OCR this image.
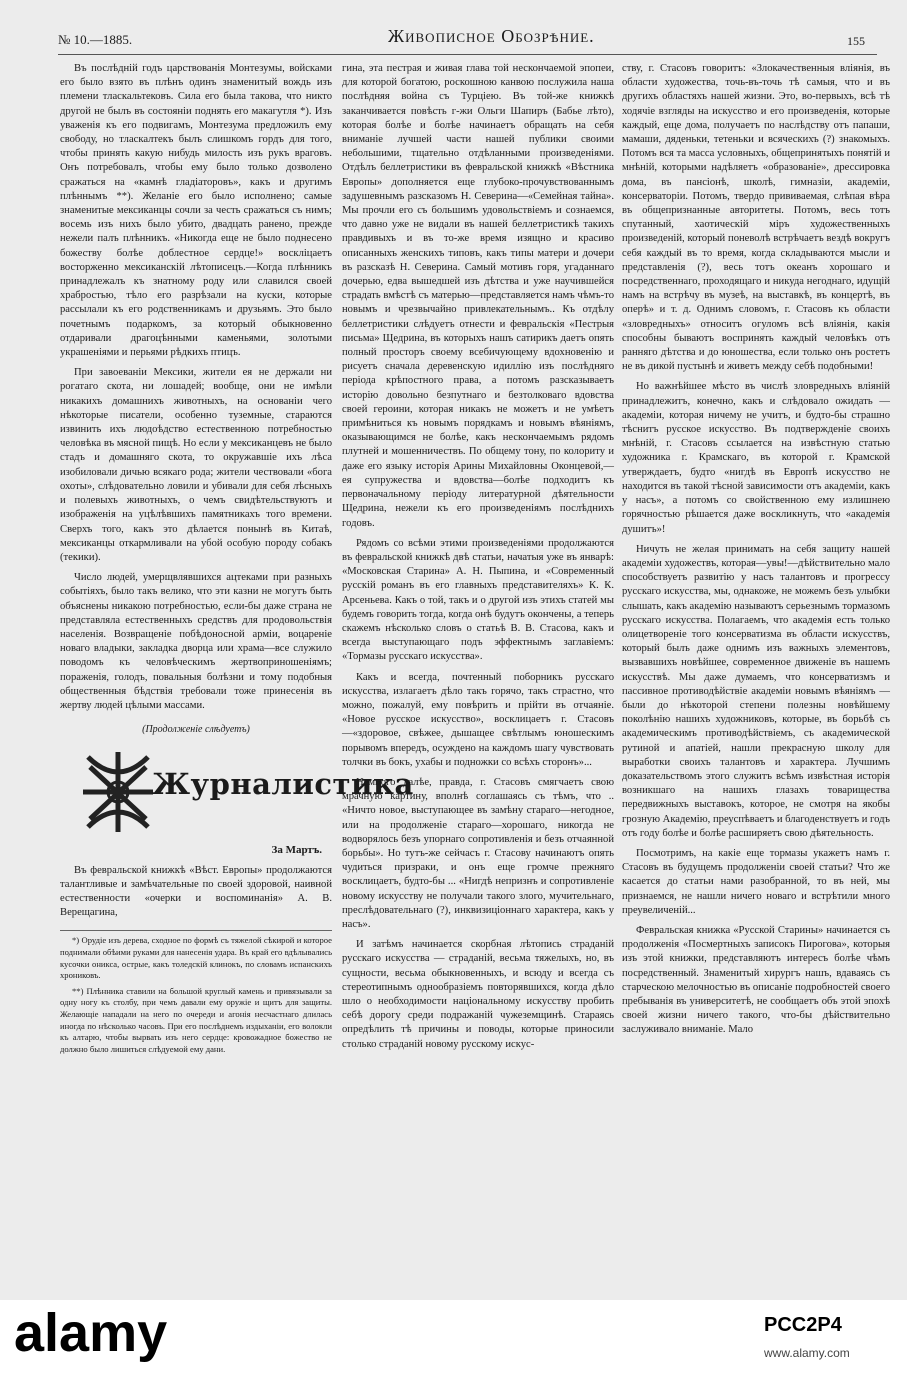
№ 10.—1885.	Живописное Обозрѣние.	155

Въ послѣдній годъ царствованія Монтезумы, войсками его было взято въ плѣнъ одинъ знаменитый вождь изъ племени тласкальтековъ. Сила его была такова, что никто другой не былъ въ состояніи поднять его макагутля *). Изъ уваженія къ его подвигамъ, Монтезума предложилъ ему свободу, но тласкалтекъ былъ слишкомъ гордъ для того, чтобы принять какую нибудь милость изъ рукъ враговъ. Онъ потребовалъ, чтобы ему было только дозволено сражаться на «камнѣ гладіаторовъ», какъ и другимъ плѣннымъ **). Желаніе его было исполнено; самые знаменитые мексиканцы сочли за честь сражаться съ нимъ; восемь изъ нихъ было убито, двадцать ранено, прежде нежели палъ плѣнникъ. «Никогда еще не было поднесено божеству болѣе доблестное сердце!» воскліцаетъ восторженно мексиканскій лѣтописецъ.—Когда плѣнникъ принадлежалъ къ знатному роду или славился своей храбростью, тѣло его разрѣзали на куски, которые рассылали къ его родственникамъ и друзьямъ. Это было почетнымъ подаркомъ, за который обыкновенно отдаривали драгоцѣнными каменьями, золотыми украшеніями и перьями рѣдкихъ птицъ.

При завоеваніи Мексики, жители ея не держали ни рогатаго скота, ни лошадей; вообще, они не имѣли никакихъ домашнихъ животныхъ, на основаніи чего нѣкоторые писатели, особенно туземные, стараются извинить ихъ людоѣдство естественною потребностью человѣка въ мясной пищѣ. Но если у мексиканцевъ не было стадъ и домашняго скота, то окружавшіе ихъ лѣса изобиловали дичью всякаго рода; жители чествовали «бога охоты», слѣдовательно ловили и убивали для себя лѣсныхъ и полевыхъ животныхъ, о чемъ свидѣтельствуютъ и изображенія на уцѣлѣвшихъ памятникахъ того времени. Сверхъ того, какъ это дѣлается понынѣ въ Китаѣ, мексиканцы откармливали на убой особую породу собакъ (текики).

Число людей, умерщвлявшихся ацтеками при разныхъ событіяхъ, было такъ велико, что эти казни не могутъ быть объяснены никакою потребностью, если-бы даже страна не представляла естественныхъ средствъ для продовольствія населенія. Возвращеніе побѣдоносной арміи, воцареніе новаго владыки, закладка дворца или храма—все служило поводомъ къ человѣческимъ жертвоприношеніямъ; пораженія, голодъ, повальныя болѣзни и тому подобныя общественныя бѣдствія требовали тоже принесенія въ жертву людей цѣлыми массами.

(Продолженіе слѣдуетъ)
Журналистика
За Мартъ.

Въ февральской книжкѣ «Вѣст. Европы» продолжаются талантливые и замѣчательные по своей здоровой, наивной естественности «очерки и воспоминанія» А. В. Верещагина,

*) Орудіе изъ дерева, сходное по формѣ съ тяжелой сѣкирой и которое поднимали обѣими руками для нанесенія удара. Въ край его вдѣлывались кусочки ониксa, острые, какъ толедскій клинокъ, по словамъ испанскихъ хрониковъ.

**) Плѣнника ставили на большой круглый камень и привязывали за одну ногу къ столбу, при чемъ давали ему оружіе и щитъ для защиты. Желающіе нападали на него по очереди и агонія несчастнаго длилась иногда по нѣсколько часовъ. При его послѣднемъ издыханіи, его волокли къ алтарю, чтобы вырвать изъ него сердце: кровожадное божество не должно было лишиться слѣдуемой ему дани.

гина, эта пестрая и живая глава той нескончаемой эпопеи, для которой богатою, роскошною канвою послужила наша послѣдняя война съ Турціею. Въ той-же книжкѣ заканчивается повѣсть г-жи Ольги Шапиръ (Бабье лѣто), которая болѣе и болѣе начинаетъ обращать на себя вниманіе лучшей части нашей публики своими небольшими, тщательно отдѣланными произведеніями. Отдѣлъ беллетристики въ февральской книжкѣ «Вѣстника Европы» дополняется еще глубоко-прочувствованнымъ задушевнымъ разсказомъ Н. Северина—«Семейная тайна». Мы прочли его съ большимъ удовольствіемъ и сознаемся, что давно уже не видали въ нашей беллетристикѣ такихъ правдивыхъ и въ то-же время изящно и красиво описанныхъ женскихъ типовъ, какъ типы матери и дочери въ разсказѣ Н. Северина. Самый мотивъ горя, угаданнаго дочерью, едва вышедшей изъ дѣтства и уже научившейся страдать вмѣстѣ съ матерью—представляется намъ чѣмъ-то новымъ и чрезвычайно привлекательнымъ.. Къ отдѣлу беллетристики слѣдуетъ отнести и февральскія «Пестрыя письма» Щедрина, въ которыхъ нашъ сатирикъ даетъ опять полный просторъ своему всебичующему вдохновенію и рисуетъ сначала деревенскую идиллію изъ послѣдняго періода крѣпостного права, а потомъ разсказываетъ исторію довольно безпутнаго и безтолковаго вдовства своей героини, которая никакъ не можетъ и не умѣетъ примѣниться къ новымъ порядкамъ и новымъ вѣяніямъ, оказывающимся не болѣе, какъ нескончаемымъ рядомъ плутней и мошенничествъ. По общему тону, по колориту и даже его языку исторія Арины Михайловны Оконцевой,—ея супружества и вдовства—болѣе подходитъ къ первоначальному періоду литературной дѣятельности Щедрина, нежели къ его произведеніямъ послѣднихъ годовъ.

Рядомъ со всѣми этими произведеніями продолжаются въ февральской книжкѣ двѣ статьи, начатыя уже въ январѣ: «Московская Старина» А. Н. Пыпина, и «Современный русскій романъ въ его главныхъ представителяхъ» К. К. Арсеньева. Какъ о той, такъ и о другой изъ этихъ статей мы будемъ говорить тогда, когда онѣ будутъ окончены, а теперь скажемъ нѣсколько словъ о статьѣ В. В. Стасова, какъ и всегда выступающаго подъ эффектнымъ заглавіемъ: «Тормазы русскаго искусства».

Какъ и всегда, почтенный поборникъ русскаго искусства, излагаетъ дѣло такъ горячо, такъ страстно, что можно, пожалуй, ему повѣрить и прійти въ отчаяніе. «Новое русское искусство», восклицаетъ г. Стасовъ—«здоровое, свѣжее, дышащее свѣтлымъ юношескимъ порывомъ впередъ, осуждено на каждомъ шагу чувствовать толчки въ бокъ, ухабы и подножки со всѣхъ сторонъ»...

Немного далѣе, правда, г. Стасовъ смягчаетъ свою мрачную картину, вполнѣ соглашаясь съ тѣмъ, что .. «Ничто новое, выступающее въ замѣну стараго—негодное, или на продолженіе стараго—хорошаго, никогда не водворялось безъ упорнаго сопротивленія и безъ отчаянной борьбы». Но тутъ-же сейчасъ г. Стасову начинаютъ опять чудиться призраки, и онъ еще громче прежняго восклицаетъ, будто-бы ... «Нигдѣ непризнъ и сопротивленіе новому искусству не получали такого злого, мучительнаго, преслѣдовательнаго (?), инквизиціоннаго характера, какъ у насъ».

И затѣмъ начинается скорбная лѣтопись страданій русскаго искусства — страданій, весьма тяжелыхъ, но, въ сущности, весьма обыкновенныхъ, и всюду и всегда съ стереотипнымъ однообразіемъ повторявшихся, когда дѣло шло о необходимости національному искусству пробить себѣ дорогу среди подражаній чужеземщинѣ. Стараясь опредѣлить тѣ причины и поводы, которые приносили столько страданій новому русскому искус-

ству, г. Стасовъ говоритъ: «Злокачественныя вліянія, въ области художества, точь-въ-точь тѣ самыя, что и въ другихъ областяхъ нашей жизни. Это, во-первыхъ, всѣ тѣ ходячіе взгляды на искусство и его произведенія, которые каждый, еще дома, получаетъ по наслѣдству отъ папаши, мамаши, дяденьки, тетеньки и всяческихъ (?) знакомыхъ. Потомъ вся та масса условныхъ, общепринятыхъ понятій и мнѣній, которыми надѣляетъ «образованіе», дрессировка дома, въ пансіонѣ, школѣ, гимназіи, академіи, консерваторіи. Потомъ, твердо прививаемая, слѣпая вѣра въ общепризнанные авторитеты. Потомъ, весь тотъ спутанный, хаотическій міръ художественныхъ произведеній, который поневолѣ встрѣчаетъ вездѣ вокругъ себя каждый въ то время, когда складываются мысли и представленія (?), весь тотъ океанъ хорошаго и посредственнаго, проходящаго и никуда негоднаго, идущій намъ на встрѣчу въ музеѣ, на выставкѣ, въ концертѣ, въ оперѣ» и т. д. Однимъ словомъ, г. Стасовъ къ области «зловредныхъ» относитъ огуломъ всѣ вліянія, какія способны бываютъ воспринять каждый человѣкъ отъ ранняго дѣтства и до юношества, если только онъ ростетъ не въ дикой пустынѣ и живетъ между себѣ подобными!

Но важнѣйшее мѣсто въ числѣ зловредныхъ вліяній принадлежитъ, конечно, какъ и слѣдовало ожидать — академіи, которая ничему не учитъ, и будто-бы страшно тѣснитъ русское искусство. Въ подтвержденіе своихъ мнѣній, г. Стасовъ ссылается на извѣстную статью художника г. Крамскаго, въ которой г. Крамской утверждаетъ, будто «нигдѣ въ Европѣ искусство не находится въ такой тѣсной зависимости отъ академіи, какъ у насъ», а потомъ со свойственною ему излишнею горячностью рѣшается даже воскликнуть, что «академія душитъ»!

Ничуть не желая принимать на себя защиту нашей академіи художествъ, которая—увы!—дѣйствительно мало способствуетъ развитію у насъ талантовъ и прогрессу русскаго искусства, мы, однакоже, не можемъ безъ улыбки слышать, какъ академію называютъ серьезнымъ тормазомъ русскаго искусства. Полагаемъ, что академія есть только олицетвореніе того консерватизма въ области искусствъ, который былъ даже однимъ изъ важныхъ элементовъ, вызвавшихъ новѣйшее, современное движеніе въ нашемъ искусствѣ. Мы даже думаемъ, что консерватизмъ и пассивное противодѣйствіе академіи новымъ вѣяніямъ — были до нѣкоторой степени полезны новѣйшему поколѣнію нашихъ художниковъ, которые, въ борьбѣ съ академическимъ противодѣйствіемъ, съ академической рутиной и апатіей, нашли прекрасную школу для выработки своихъ талантовъ и характера. Лучшимъ доказательствомъ этого служитъ всѣмъ извѣстная исторія возникшаго на нашихъ глазахъ товарищества передвижныхъ выставокъ, которое, не смотря на якобы грозную Академію, преуспѣваетъ и благоденствуетъ и годъ отъ году болѣе и болѣе расширяетъ свою дѣятельность.

Посмотримъ, на какіе еще тормазы укажетъ намъ г. Стасовъ въ будущемъ продолженіи своей статьи? Что же касается до статьи нами разобранной, то въ ней, мы признаемся, не нашли ничего новаго и встрѣтили много преувеличеній...

Февральская книжка «Русской Старины» начинается съ продолженія «Посмертныхъ записокъ Пирогова», которыя изъ этой книжки, представляютъ интересъ болѣе чѣмъ посредственный. Знаменитый хирургъ нашъ, вдаваясь съ старческою мелочностью въ описаніе подробностей своего пребыванія въ университетѣ, не сообщаетъ объ этой эпохѣ своей жизни ничего такого, что-бы дѣйствительно заслуживало вниманіе. Мало

alamy	PCC2P4
www.alamy.com
